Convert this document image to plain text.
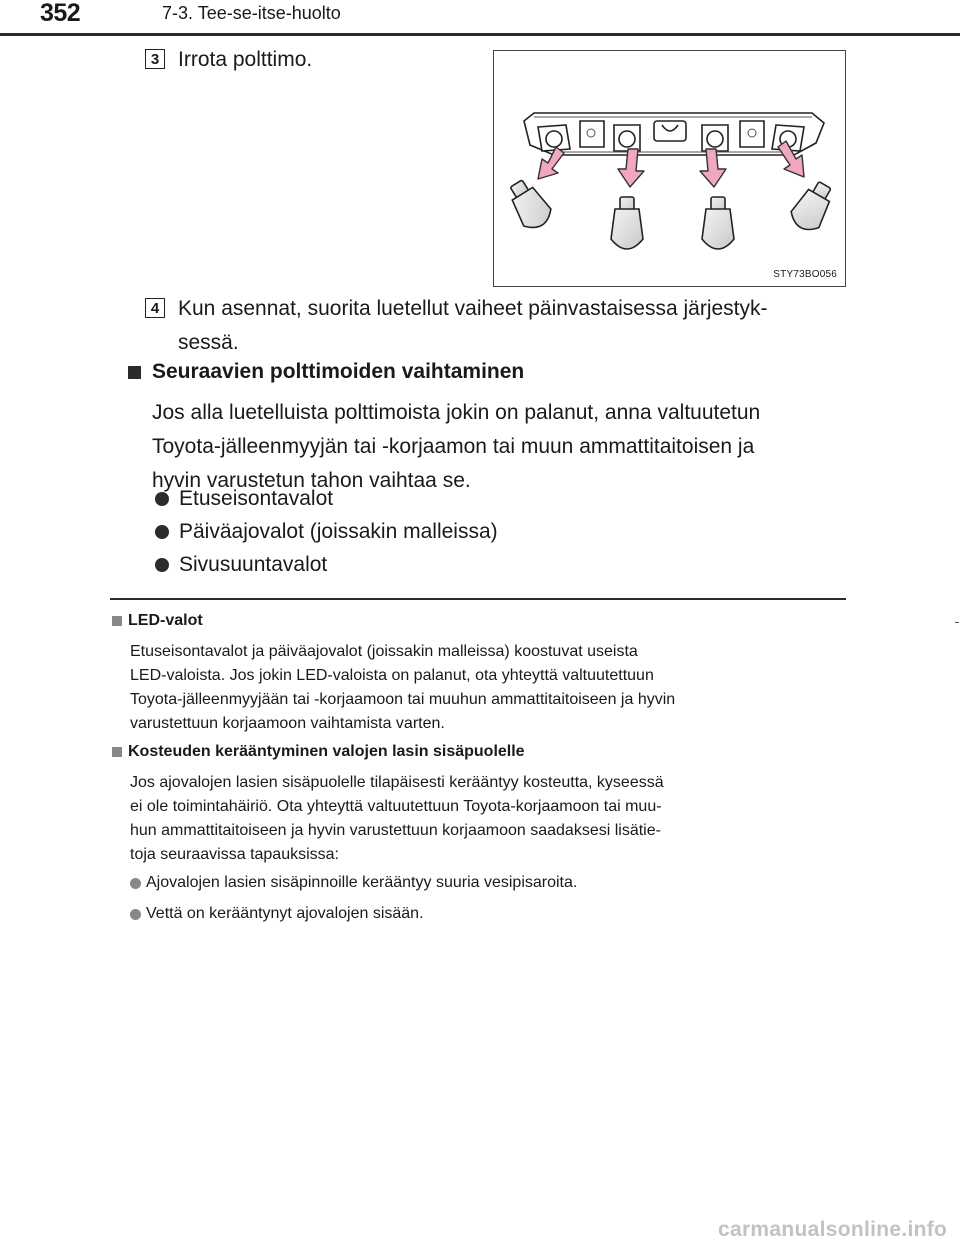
352	7-3. Tee-se-itse-huolto
3 Irrota polttimo.
STY73BO056
4 Kun asennat, suorita luetellut vaiheet päinvastaisessa järjestyk-
sessä.
Seuraavien polttimoiden vaihtaminen
Jos alla luetelluista polttimoista jokin on palanut, anna valtuutetun
Toyota-jälleenmyyjän tai -korjaamon tai muun ammattitaitoisen ja
hyvin varustetun tahon vaihtaa se.
Etuseisontavalot
Päiväajovalot (joissakin malleissa)
Sivusuuntavalot
LED-valot
Etuseisontavalot ja päiväajovalot (joissakin malleissa) koostuvat useista
LED-valoista. Jos jokin LED-valoista on palanut, ota yhteyttä valtuutettuun
Toyota-jälleenmyyjään tai -korjaamoon tai muuhun ammattitaitoiseen ja hyvin
varustettuun korjaamoon vaihtamista varten.
Kosteuden kerääntyminen valojen lasin sisäpuolelle
Jos ajovalojen lasien sisäpuolelle tilapäisesti kerääntyy kosteutta, kyseessä
ei ole toimintahäiriö. Ota yhteyttä valtuutettuun Toyota-korjaamoon tai muu-
hun ammattitaitoiseen ja hyvin varustettuun korjaamoon saadaksesi lisätie-
toja seuraavissa tapauksissa:
Ajovalojen lasien sisäpinnoille kerääntyy suuria vesipisaroita.
Vettä on kerääntynyt ajovalojen sisään.
carmanualsonline.info
